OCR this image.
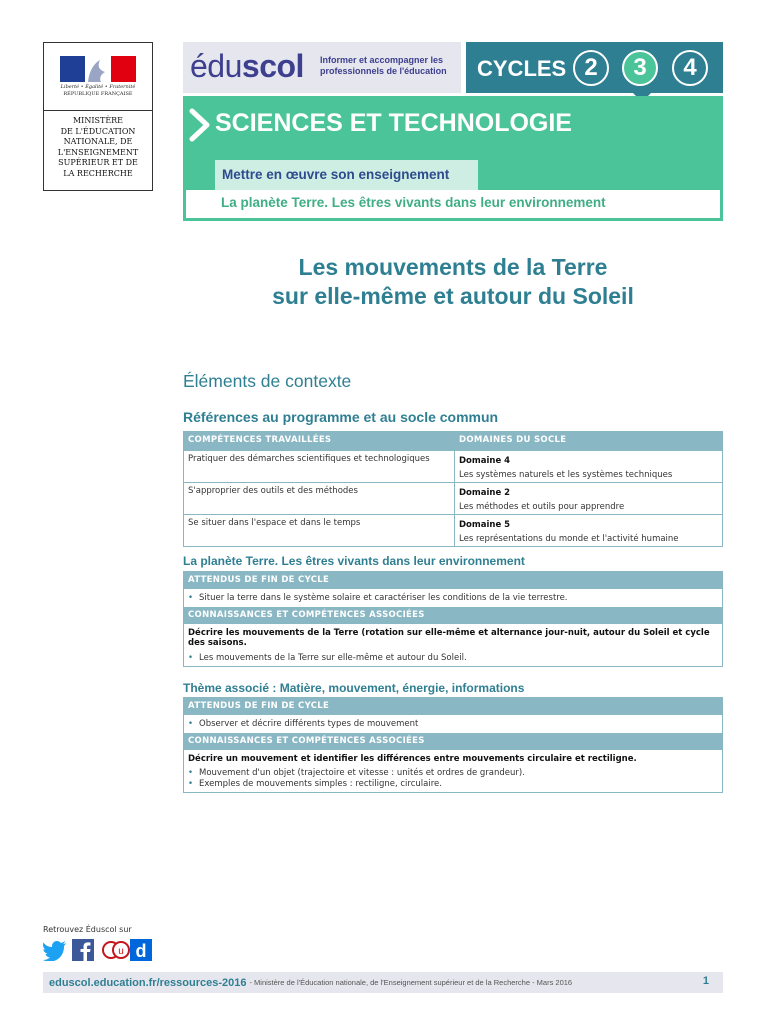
Liberté • Égalité • Fraternité
RÉPUBLIQUE FRANÇAISE
MINISTÈRE
DE L'ÉDUCATION
NATIONALE, DE
L'ENSEIGNEMENT
SUPÉRIEUR ET DE
LA RECHERCHE
éduscol Informer et accompagner les professionnels de l'éducation	CYCLES 2	3	4
SCIENCES ET TECHNOLOGIE
Mettre en œuvre son enseignement
La planète Terre. Les êtres vivants dans leur environnement
Les mouvements de la Terre
sur elle-même et autour du Soleil
Éléments de contexte
Références au programme et au socle commun
COMPÉTENCES TRAVAILLÉES	DOMAINES DU SOCLE
Pratiquer des démarches scientifiques et technologiques	Domaine 4
Les systèmes naturels et les systèmes techniques
S'approprier des outils et des méthodes	Domaine 2
Les méthodes et outils pour apprendre
Se situer dans l'espace et dans le temps	Domaine 5
Les représentations du monde et l'activité humaine
La planète Terre. Les êtres vivants dans leur environnement
ATTENDUS DE FIN DE CYCLE
• Situer la terre dans le système solaire et caractériser les conditions de la vie terrestre.
CONNAISSANCES ET COMPÉTENCES ASSOCIÉES
Décrire les mouvements de la Terre (rotation sur elle-même et alternance jour-nuit, autour du Soleil et cycle des saisons.
• Les mouvements de la Terre sur elle-même et autour du Soleil.
Thème associé : Matière, mouvement, énergie, informations
ATTENDUS DE FIN DE CYCLE
• Observer et décrire différents types de mouvement
CONNAISSANCES ET COMPÉTENCES ASSOCIÉES
Décrire un mouvement et identifier les différences entre mouvements circulaire et rectiligne.
• Mouvement d'un objet (trajectoire et vitesse : unités et ordres de grandeur).
• Exemples de mouvements simples : rectiligne, circulaire.
Retrouvez Éduscol sur
u d
eduscol.education.fr/ressources-2016 - Ministère de l'Éducation nationale, de l'Enseignement supérieur et de la Recherche - Mars 2016	1
